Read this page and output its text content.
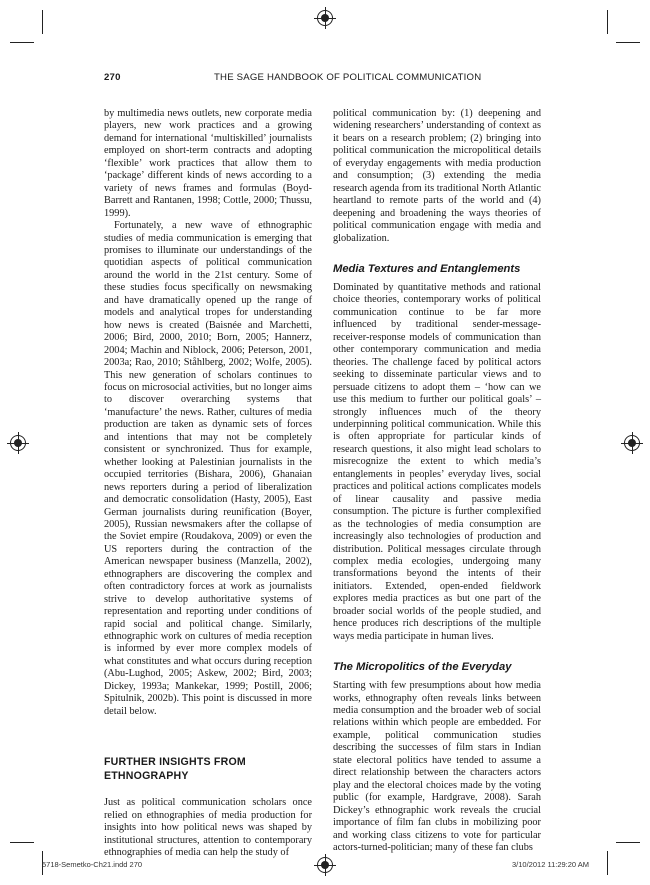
270	THE SAGE HANDBOOK OF POLITICAL COMMUNICATION

by multimedia news outlets, new corporate media players, new work practices and a growing demand for international ‘multiskilled’ journalists employed on short-term contracts and adopting ‘flexible’ work practices that allow them to ‘package’ different kinds of news according to a variety of news frames and formulas (Boyd-Barrett and Rantanen, 1998; Cottle, 2000; Thussu, 1999).

Fortunately, a new wave of ethnographic studies of media communication is emerging that promises to illuminate our understandings of the quotidian aspects of political communication around the world in the 21st century. Some of these studies focus specifically on newsmaking and have dramatically opened up the range of models and analytical tropes for understanding how news is created (Baisnée and Marchetti, 2006; Bird, 2000, 2010; Born, 2005; Hannerz, 2004; Machin and Niblock, 2006; Peterson, 2001, 2003a; Rao, 2010; Ståhlberg, 2002; Wolfe, 2005). This new generation of scholars continues to focus on microsocial activities, but no longer aims to discover overarching systems that ‘manufacture’ the news. Rather, cultures of media production are taken as dynamic sets of forces and intentions that may not be completely consistent or synchronized. Thus for example, whether looking at Palestinian journalists in the occupied territories (Bishara, 2006), Ghanaian news reporters during a period of liberalization and democratic consolidation (Hasty, 2005), East German journalists during reunification (Boyer, 2005), Russian newsmakers after the collapse of the Soviet empire (Roudakova, 2009) or even the US reporters during the contraction of the American newspaper business (Manzella, 2002), ethnographers are discovering the complex and often contradictory forces at work as journalists strive to develop authoritative systems of representation and reporting under conditions of rapid social and political change. Similarly, ethnographic work on cultures of media reception is informed by ever more complex models of what constitutes and what occurs during reception (Abu-Lughod, 2005; Askew, 2002; Bird, 2003; Dickey, 1993a; Mankekar, 1999; Postill, 2006; Spitulnik, 2002b). This point is discussed in more detail below.

FURTHER INSIGHTS FROM
ETHNOGRAPHY

Just as political communication scholars once relied on ethnographies of media production for insights into how political news was shaped by institutional structures, attention to contemporary ethnographies of media can help the study of

political communication by: (1) deepening and widening researchers’ understanding of context as it bears on a research problem; (2) bringing into political communication the micropolitical details of everyday engagements with media production and consumption; (3) extending the media research agenda from its traditional North Atlantic heartland to remote parts of the world and (4) deepening and broadening the ways theories of political communication engage with media and globalization.

Media Textures and Entanglements

Dominated by quantitative methods and rational choice theories, contemporary works of political communication continue to be far more influenced by traditional sender-message-receiver-response models of communication than other contemporary communication and media theories. The challenge faced by political actors seeking to disseminate particular views and to persuade citizens to adopt them – ‘how can we use this medium to further our political goals’ – strongly influences much of the theory underpinning political communication. While this is often appropriate for particular kinds of research questions, it also might lead scholars to misrecognize the extent to which media’s entanglements in peoples’ everyday lives, social practices and political actions complicates models of linear causality and passive media consumption. The picture is further complexified as the technologies of media consumption are increasingly also technologies of production and distribution. Political messages circulate through complex media ecologies, undergoing many transformations beyond the intents of their initiators. Extended, open-ended fieldwork explores media practices as but one part of the broader social worlds of the people studied, and hence produces rich descriptions of the multiple ways media participate in human lives.

The Micropolitics of the Everyday

Starting with few presumptions about how media works, ethnography often reveals links between media consumption and the broader web of social relations within which people are embedded. For example, political communication studies describing the successes of film stars in Indian state electoral politics have tended to assume a direct relationship between the characters actors play and the electoral choices made by the voting public (for example, Hardgrave, 2008). Sarah Dickey’s ethnographic work reveals the crucial importance of film fan clubs in mobilizing poor and working class citizens to vote for particular actors-turned-politician; many of these fan clubs

5718-Semetko-Ch21.indd 270	3/10/2012 11:29:20 AM
